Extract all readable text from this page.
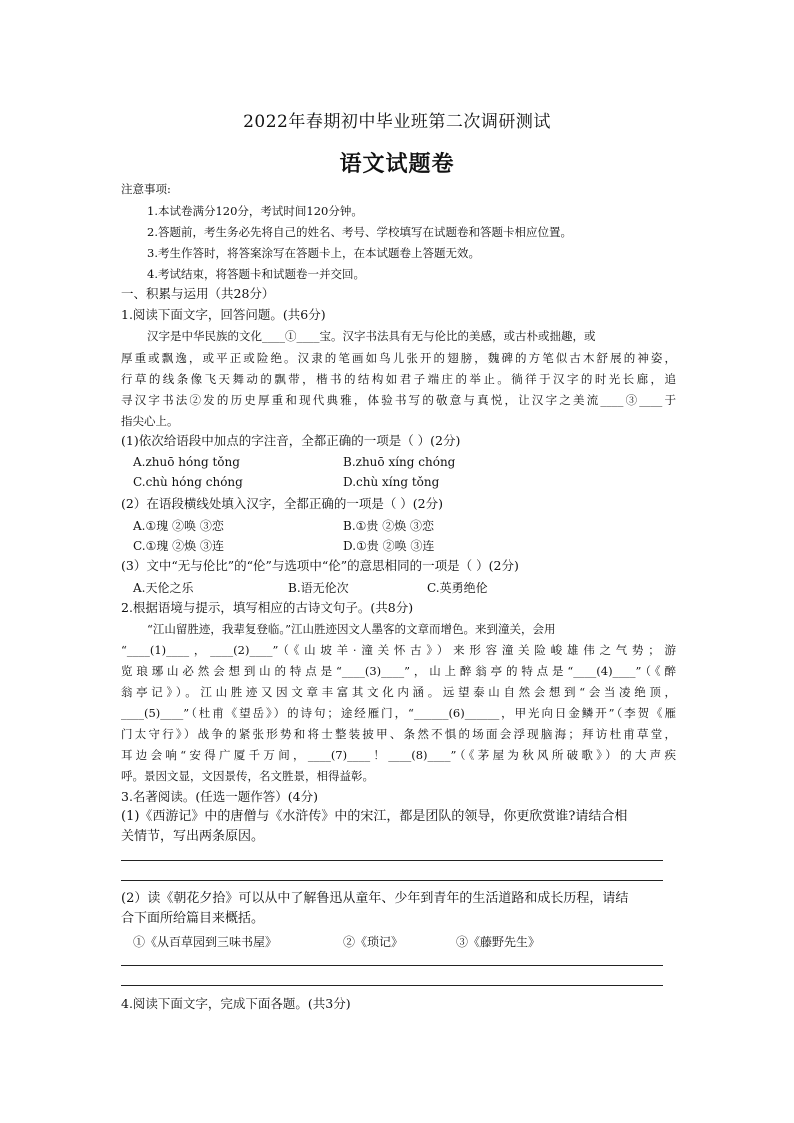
2022年春期初中毕业班第二次调研测试
语文试题卷
注意事项:
1.本试卷满分120分，考试时间120分钟。
2.答题前，考生务必先将自己的姓名、考号、学校填写在试题卷和答题卡相应位置。
3.考生作答时，将答案涂写在答题卡上，在本试题卷上答题无效。
4.考试结束，将答题卡和试题卷一并交回。
一、积累与运用（共28分）
1.阅读下面文字，回答问题。(共6分)
汉字是中华民族的文化____①____宝。汉字书法具有无与伦比的美感，或古朴或拙趣，或
厚重或飘逸，或平正或险绝。汉隶的笔画如鸟儿张开的翅膀，魏碑的方笔似古木舒展的神姿，
行草的线条像飞天舞动的飘带，楷书的结构如君子端庄的举止。徜徉于汉字的时光长廊，追
寻汉字书法②发的历史厚重和现代典雅，体验书写的敬意与真悦，让汉字之美流____③____于
指尖心上。
(1)依次给语段中加点的字注音，全都正确的一项是（ ）(2分)
A.zhuō hóng tǒng	B.zhuō xíng chóng
C.chù hóng chóng	D.chù xíng tǒng
(2）在语段横线处填入汉字，全都正确的一项是（ ）(2分)
A.①瑰 ②唤 ③恋	B.①贵 ②焕 ③恋
C.①瑰 ②焕 ③连	D.①贵 ②唤 ③连
(3）文中“无与伦比”的“伦”与选项中“伦”的意思相同的一项是（ ）(2分)
A.天伦之乐	B.语无伦次	C.英勇绝伦
2.根据语境与提示，填写相应的古诗文句子。(共8分)
“江山留胜迹，我辈复登临。”江山胜迹因文人墨客的文章而增色。来到潼关，会用
“____(1)____，____(2)____”（《山坡羊·潼关怀古》）来形容潼关险峻雄伟之气势；游
览琅琊山必然会想到山的特点是“____(3)____”，山上醉翁亭的特点是“____(4)____”（《醉
翁亭记》）。江山胜迹又因文章丰富其文化内涵。远望泰山自然会想到“会当凌绝顶，
____(5)____”（杜甫《望岳》）的诗句；途经雁门，“______(6)______，甲光向日金鳞开”（李贺《雁
门太守行》）战争的紧张形势和将士整装披甲、条然不惧的场面会浮现脑海；拜访杜甫草堂，
耳边会响“安得广厦千万间，____(7)____！____(8)____”（《茅屋为秋风所破歌》）的大声疾
呼。景因文显，文因景传，名文胜景，相得益彰。
3.名著阅读。(任选一题作答）(4分)
(1)《西游记》中的唐僧与《水浒传》中的宋江，都是团队的领导，你更欣赏谁?请结合相
关情节，写出两条原因。
(2）读《朝花夕拾》可以从中了解鲁迅从童年、少年到青年的生活道路和成长历程，请结
合下面所给篇目来概括。
①《从百草园到三味书屋》	②《琐记》	③《藤野先生》
4.阅读下面文字，完成下面各题。(共3分)
